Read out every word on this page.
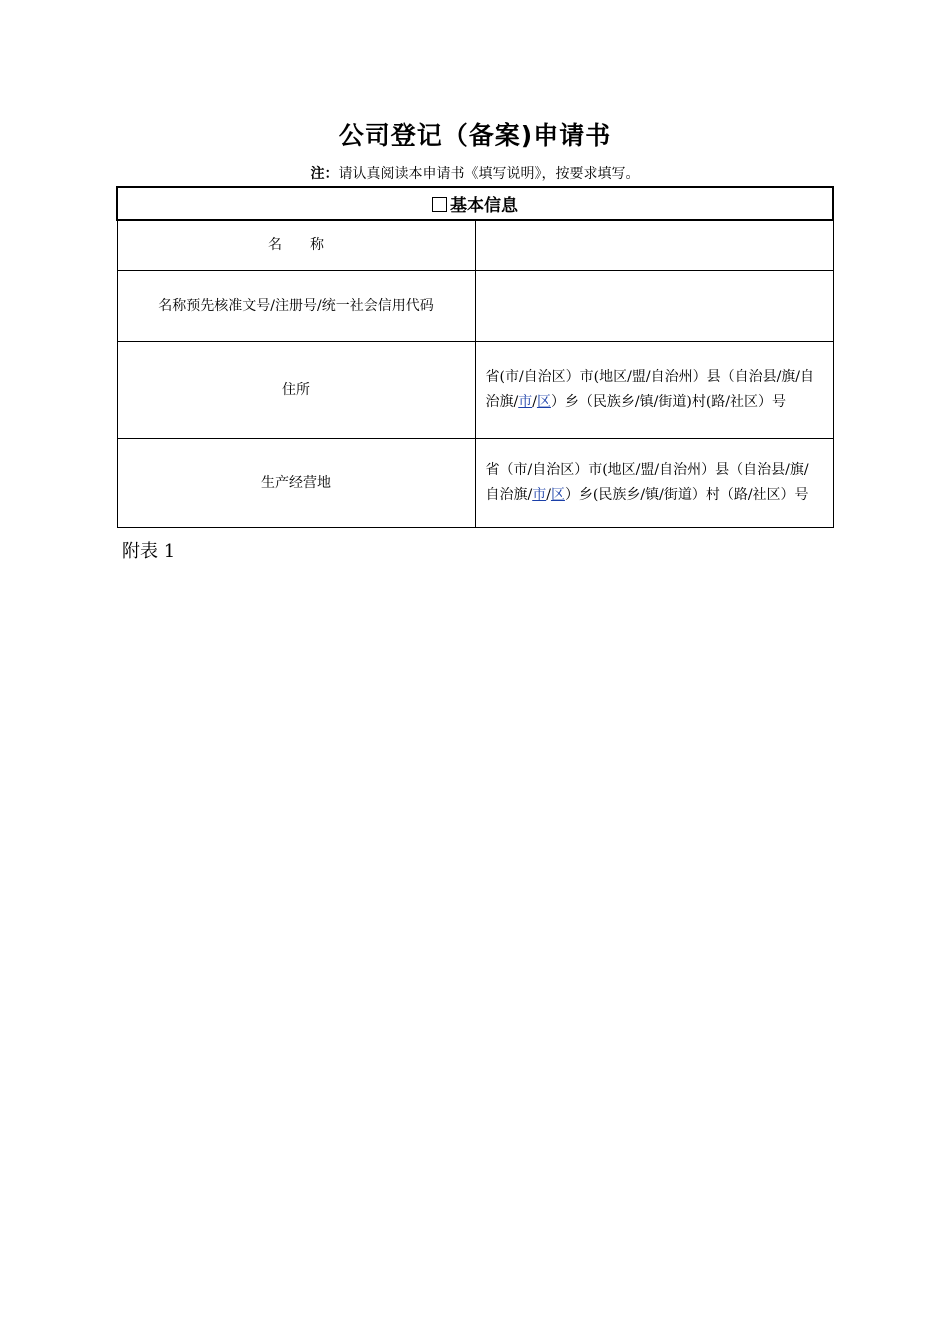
公司登记（备案)申请书
注：请认真阅读本申请书《填写说明》，按要求填写。
基本信息	
名称	
名称预先核准文号/注册号/统一社会信用代码	
住所	省(市/自治区）市(地区/盟/自治州）县（自治县/旗/自治旗/市/区）乡（民族乡/镇/街道)村(路/社区）号
生产经营地	省（市/自治区）市(地区/盟/自治州）县（自治县/旗/自治旗/市/区）乡(民族乡/镇/街道）村（路/社区）号
附表 1
